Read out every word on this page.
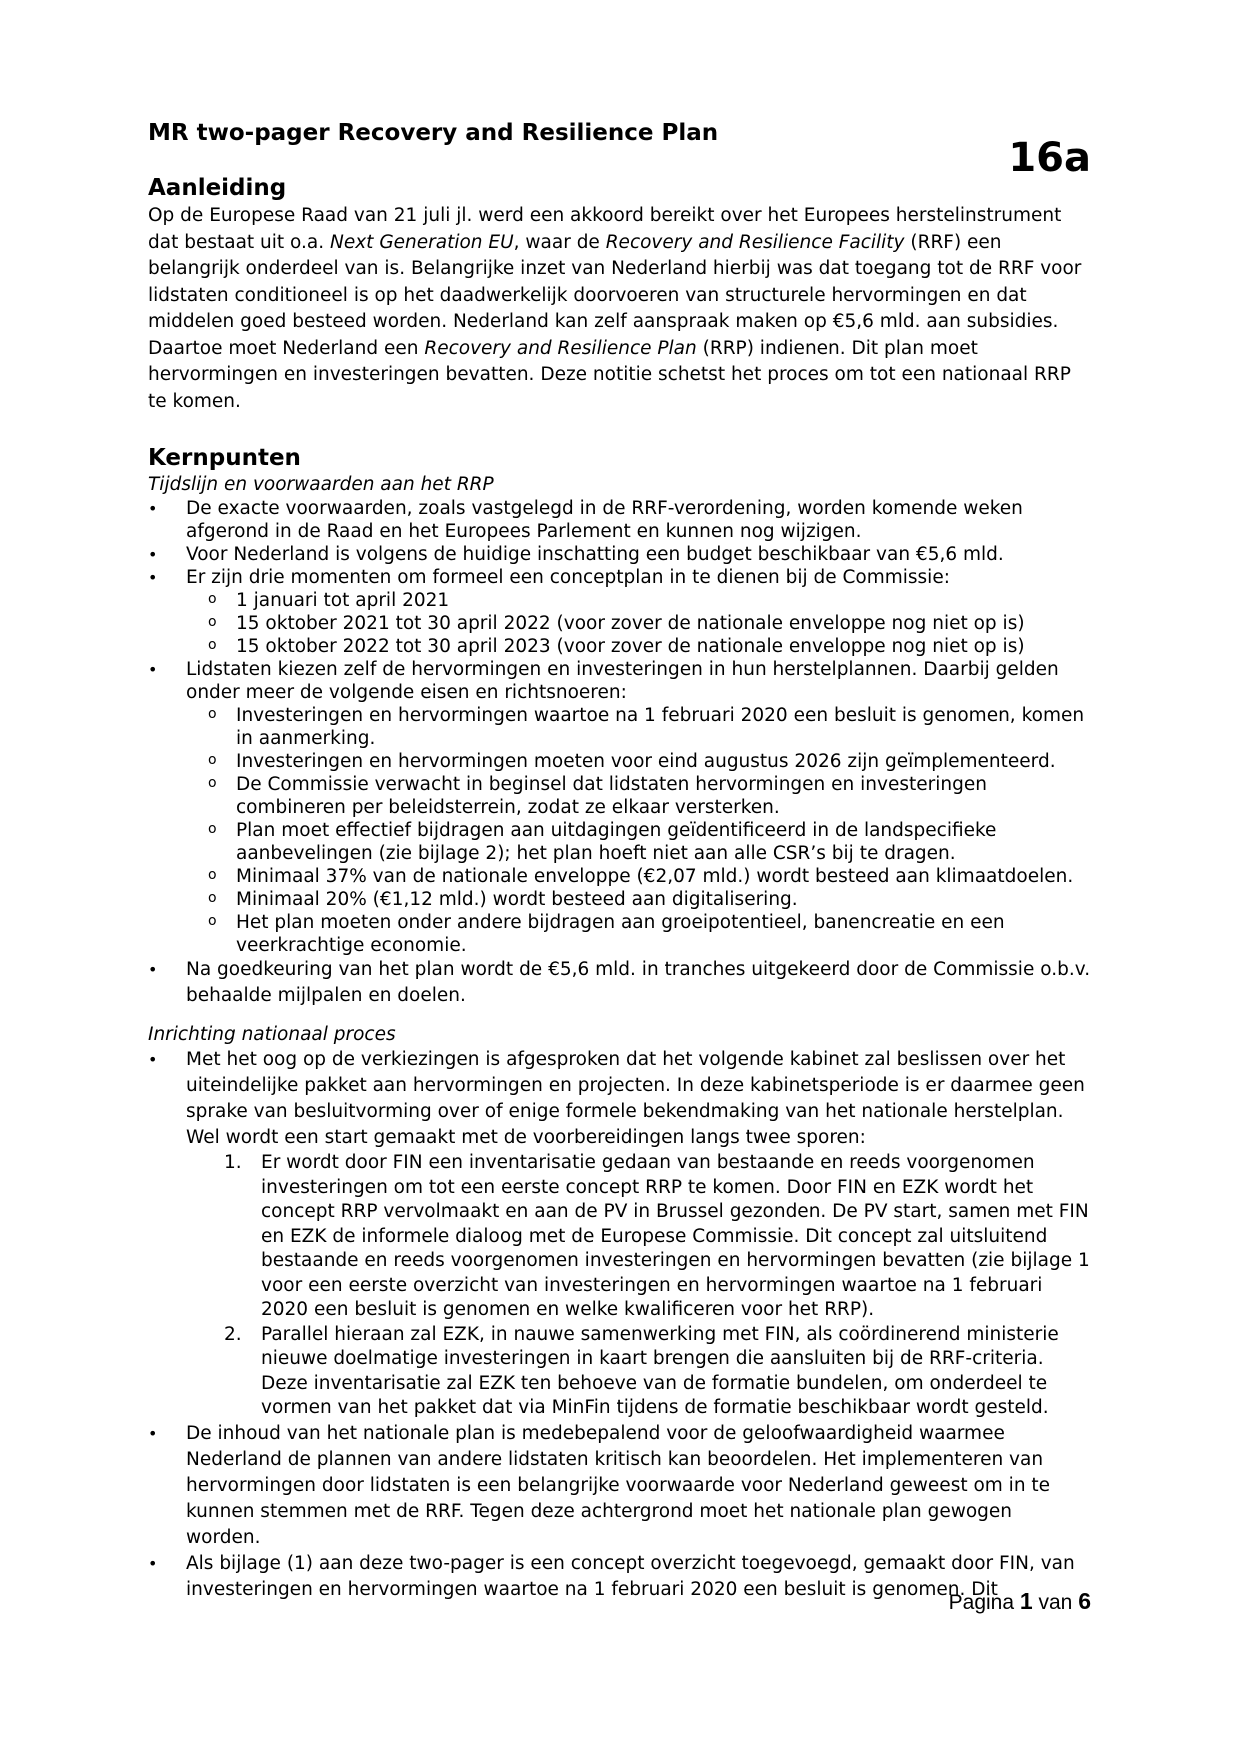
MR two-pager Recovery and Resilience Plan
16a
Aanleiding

Op de Europese Raad van 21 juli jl. werd een akkoord bereikt over het Europees herstelinstrument dat bestaat uit o.a. Next Generation EU, waar de Recovery and Resilience Facility (RRF) een belangrijk onderdeel van is. Belangrijke inzet van Nederland hierbij was dat toegang tot de RRF voor lidstaten conditioneel is op het daadwerkelijk doorvoeren van structurele hervormingen en dat middelen goed besteed worden. Nederland kan zelf aanspraak maken op €5,6 mld. aan subsidies. Daartoe moet Nederland een Recovery and Resilience Plan (RRP) indienen. Dit plan moet hervormingen en investeringen bevatten. Deze notitie schetst het proces om tot een nationaal RRP te komen.

Kernpunten
Tijdslijn en voorwaarden aan het RRP
• De exacte voorwaarden, zoals vastgelegd in de RRF-verordening, worden komende weken afgerond in de Raad en het Europees Parlement en kunnen nog wijzigen.
• Voor Nederland is volgens de huidige inschatting een budget beschikbaar van €5,6 mld.
• Er zijn drie momenten om formeel een conceptplan in te dienen bij de Commissie:
o 1 januari tot april 2021
o 15 oktober 2021 tot 30 april 2022 (voor zover de nationale enveloppe nog niet op is)
o 15 oktober 2022 tot 30 april 2023 (voor zover de nationale enveloppe nog niet op is)
• Lidstaten kiezen zelf de hervormingen en investeringen in hun herstelplannen. Daarbij gelden onder meer de volgende eisen en richtsnoeren:
o Investeringen en hervormingen waartoe na 1 februari 2020 een besluit is genomen, komen in aanmerking.
o Investeringen en hervormingen moeten voor eind augustus 2026 zijn geïmplementeerd.
o De Commissie verwacht in beginsel dat lidstaten hervormingen en investeringen combineren per beleidsterrein, zodat ze elkaar versterken.
o Plan moet effectief bijdragen aan uitdagingen geïdentificeerd in de landspecifieke aanbevelingen (zie bijlage 2); het plan hoeft niet aan alle CSR’s bij te dragen.
o Minimaal 37% van de nationale enveloppe (€2,07 mld.) wordt besteed aan klimaatdoelen.
o Minimaal 20% (€1,12 mld.) wordt besteed aan digitalisering.
o Het plan moeten onder andere bijdragen aan groeipotentieel, banencreatie en een veerkrachtige economie.
• Na goedkeuring van het plan wordt de €5,6 mld. in tranches uitgekeerd door de Commissie o.b.v. behaalde mijlpalen en doelen.
Inrichting nationaal proces
• Met het oog op de verkiezingen is afgesproken dat het volgende kabinet zal beslissen over het uiteindelijke pakket aan hervormingen en projecten. In deze kabinetsperiode is er daarmee geen sprake van besluitvorming over of enige formele bekendmaking van het nationale herstelplan. Wel wordt een start gemaakt met de voorbereidingen langs twee sporen:
1. Er wordt door FIN een inventarisatie gedaan van bestaande en reeds voorgenomen investeringen om tot een eerste concept RRP te komen. Door FIN en EZK wordt het concept RRP vervolmaakt en aan de PV in Brussel gezonden. De PV start, samen met FIN en EZK de informele dialoog met de Europese Commissie. Dit concept zal uitsluitend bestaande en reeds voorgenomen investeringen en hervormingen bevatten (zie bijlage 1 voor een eerste overzicht van investeringen en hervormingen waartoe na 1 februari 2020 een besluit is genomen en welke kwalificeren voor het RRP).
2. Parallel hieraan zal EZK, in nauwe samenwerking met FIN, als coördinerend ministerie nieuwe doelmatige investeringen in kaart brengen die aansluiten bij de RRF-criteria. Deze inventarisatie zal EZK ten behoeve van de formatie bundelen, om onderdeel te vormen van het pakket dat via MinFin tijdens de formatie beschikbaar wordt gesteld.
• De inhoud van het nationale plan is medebepalend voor de geloofwaardigheid waarmee Nederland de plannen van andere lidstaten kritisch kan beoordelen. Het implementeren van hervormingen door lidstaten is een belangrijke voorwaarde voor Nederland geweest om in te kunnen stemmen met de RRF. Tegen deze achtergrond moet het nationale plan gewogen worden.
• Als bijlage (1) aan deze two-pager is een concept overzicht toegevoegd, gemaakt door FIN, van investeringen en hervormingen waartoe na 1 februari 2020 een besluit is genomen. Dit
Pagina 1 van 6
